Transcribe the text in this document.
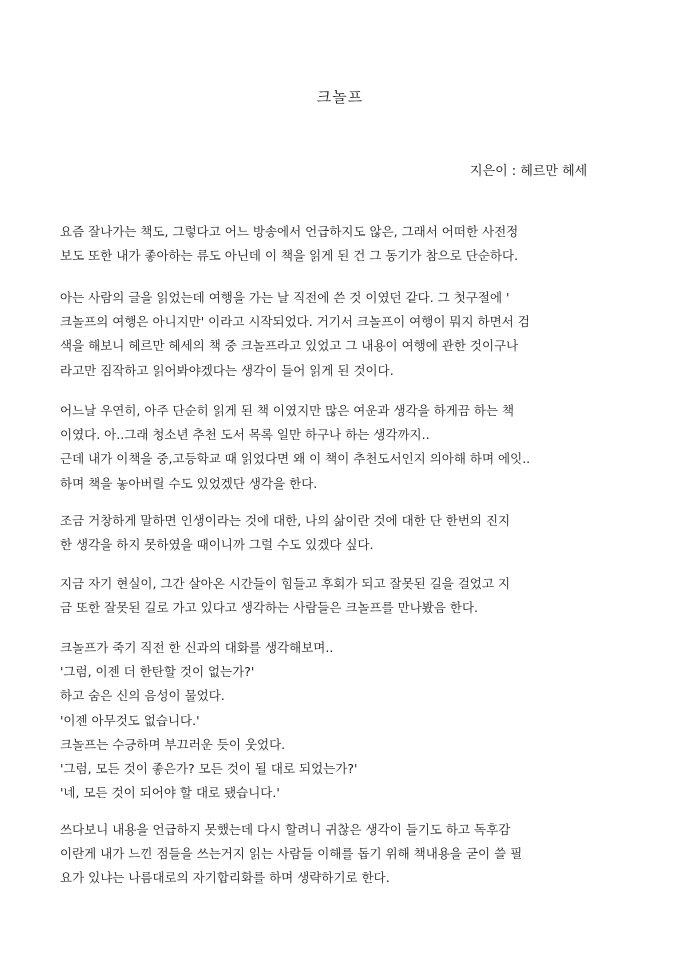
크놀프
지은이 : 헤르만 헤세
요즘 잘나가는 책도, 그렇다고 어느 방송에서 언급하지도 않은, 그래서 어떠한 사전정
보도 또한 내가 좋아하는 류도 아닌데 이 책을 읽게 된 건 그 동기가 참으로 단순하다.
아는 사람의 글을 읽었는데 여행을 가는 날 직전에 쓴 것 이였던 같다. 그 첫구절에 '
크놀프의 여행은 아니지만' 이라고 시작되었다. 거기서 크놀프이 여행이 뭐지 하면서 검
색을 해보니 헤르만 헤세의 책 중 크놀프라고 있었고 그 내용이 여행에 관한 것이구나
라고만 짐작하고 읽어봐야겠다는 생각이 들어 읽게 된 것이다.
어느날 우연히, 아주 단순히 읽게 된 책 이였지만 많은 여운과 생각을 하게끔 하는 책
이였다. 아..그래 청소년 추천 도서 목록 일만 하구나 하는 생각까지..
근데 내가 이책을 중,고등학교 때 읽었다면 왜 이 책이 추천도서인지 의아해 하며 에잇..
하며 책을 놓아버릴 수도 있었겠단 생각을 한다.
조금 거창하게 말하면 인생이라는 것에 대한, 나의 삶이란 것에 대한 단 한번의 진지
한 생각을 하지 못하였을 때이니까 그럴 수도 있겠다 싶다.
지금 자기 현실이, 그간 살아온 시간들이 힘들고 후회가 되고 잘못된 길을 걸었고 지
금 또한 잘못된 길로 가고 있다고 생각하는 사람들은 크놀프를 만나봤음 한다.
크놀프가 죽기 직전 한 신과의 대화를 생각해보며..
'그럼, 이젠 더 한탄할 것이 없는가?'
하고 숨은 신의 음성이 물었다.
'이젠 아무것도 없습니다.'
크놀프는 수긍하며 부끄러운 듯이 웃었다.
'그럼, 모든 것이 좋은가? 모든 것이 될 대로 되었는가?'
'네, 모든 것이 되어야 할 대로 됐습니다.'
쓰다보니 내용을 언급하지 못했는데 다시 할려니 귀찮은 생각이 들기도 하고 독후감
이란게 내가 느낀 점들을 쓰는거지 읽는 사람들 이해를 돕기 위해 책내용을 굳이 쓸 필
요가 있냐는 나름대로의 자기합리화를 하며 생략하기로 한다.
